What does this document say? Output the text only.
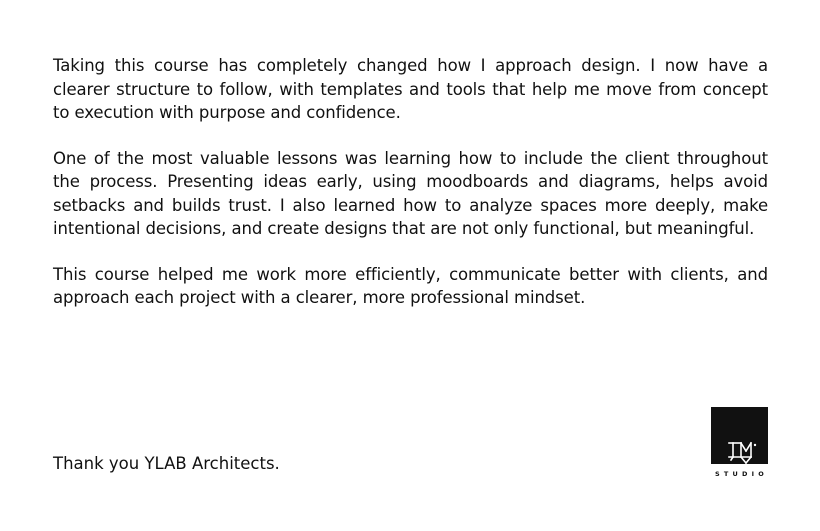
Taking this course has completely changed how I approach design. I now have a clearer structure to follow, with templates and tools that help me move from concept to execution with purpose and confidence.

One of the most valuable lessons was learning how to include the client throughout the process. Presenting ideas early, using moodboards and diagrams, helps avoid setbacks and builds trust. I also learned how to analyze spaces more deeply, make intentional decisions, and create designs that are not only functional, but meaningful.

This course helped me work more efficiently, communicate better with clients, and approach each project with a clearer, more professional mindset.

Thank you YLAB Architects.

STUDIO
